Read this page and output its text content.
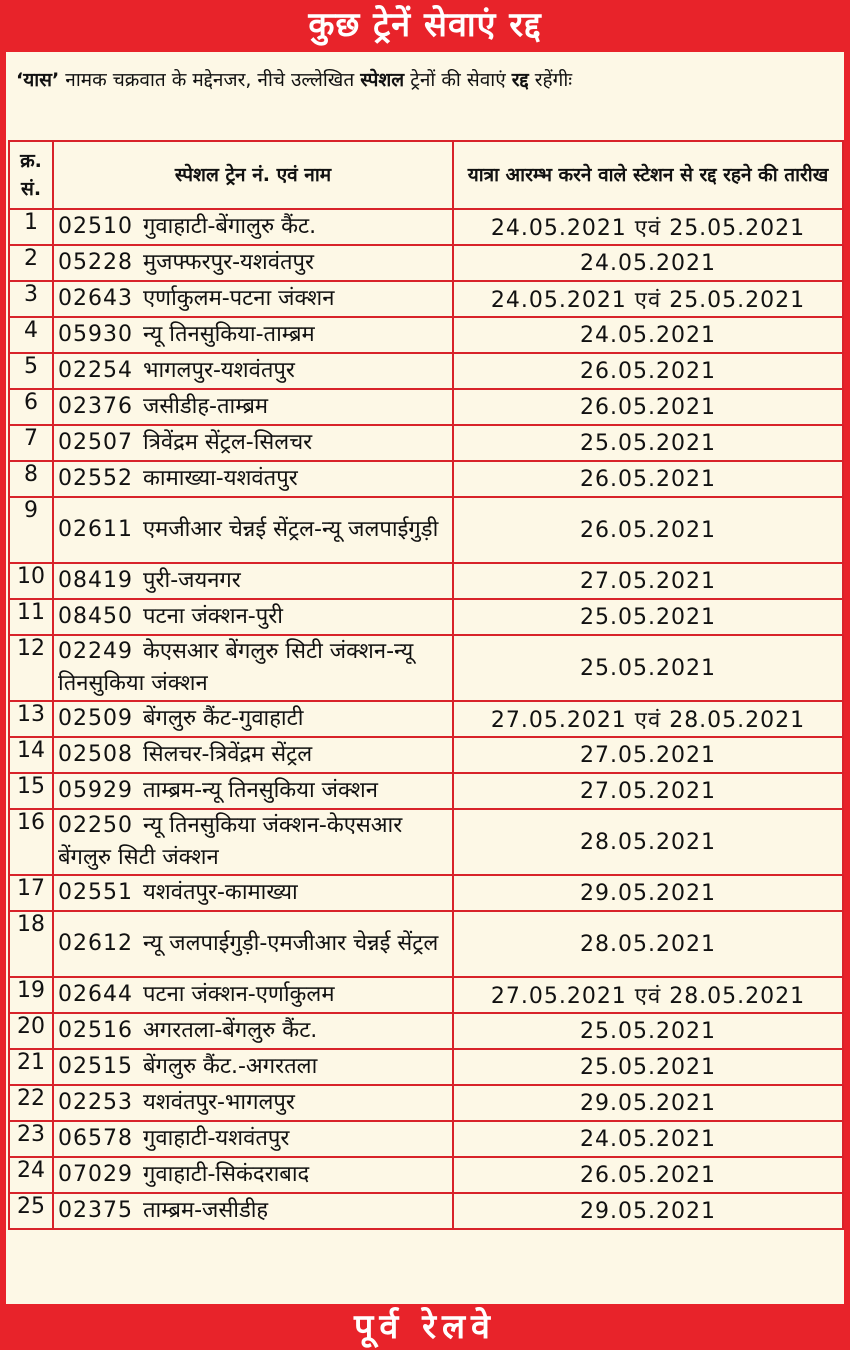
कुछ ट्रेनें सेवाएं रद्द
‘यास’ नामक चक्रवात के मद्देनजर, नीचे उल्लेखित स्पेशल ट्रेनों की सेवाएं रद्द रहेंगीः
क्र. सं.	स्पेशल ट्रेन नं. एवं नाम	यात्रा आरम्भ करने वाले स्टेशन से रद्द रहने की तारीख
1	02510 गुवाहाटी-बेंगालुरु कैंट.	24.05.2021 एवं 25.05.2021
2	05228 मुजफ्फरपुर-यशवंतपुर	24.05.2021
3	02643 एर्णाकुलम-पटना जंक्शन	24.05.2021 एवं 25.05.2021
4	05930 न्यू तिनसुकिया-ताम्ब्रम	24.05.2021
5	02254 भागलपुर-यशवंतपुर	26.05.2021
6	02376 जसीडीह-ताम्ब्रम	26.05.2021
7	02507 त्रिवेंद्रम सेंट्रल-सिलचर	25.05.2021
8	02552 कामाख्या-यशवंतपुर	26.05.2021
9	02611 एमजीआर चेन्नई सेंट्रल-न्यू जलपाईगुड़ी	26.05.2021
10	08419 पुरी-जयनगर	27.05.2021
11	08450 पटना जंक्शन-पुरी	25.05.2021
12	02249 केएसआर बेंगलुरु सिटी जंक्शन-न्यू तिनसुकिया जंक्शन	25.05.2021
13	02509 बेंगलुरु कैंट-गुवाहाटी	27.05.2021 एवं 28.05.2021
14	02508 सिलचर-त्रिवेंद्रम सेंट्रल	27.05.2021
15	05929 ताम्ब्रम-न्यू तिनसुकिया जंक्शन	27.05.2021
16	02250 न्यू तिनसुकिया जंक्शन-केएसआर बेंगलुरु सिटी जंक्शन	28.05.2021
17	02551 यशवंतपुर-कामाख्या	29.05.2021
18	02612 न्यू जलपाईगुड़ी-एमजीआर चेन्नई सेंट्रल	28.05.2021
19	02644 पटना जंक्शन-एर्णाकुलम	27.05.2021 एवं 28.05.2021
20	02516 अगरतला-बेंगलुरु कैंट.	25.05.2021
21	02515 बेंगलुरु कैंट.-अगरतला	25.05.2021
22	02253 यशवंतपुर-भागलपुर	29.05.2021
23	06578 गुवाहाटी-यशवंतपुर	24.05.2021
24	07029 गुवाहाटी-सिकंदराबाद	26.05.2021
25	02375 ताम्ब्रम-जसीडीह	29.05.2021
पूर्व रेलवे
